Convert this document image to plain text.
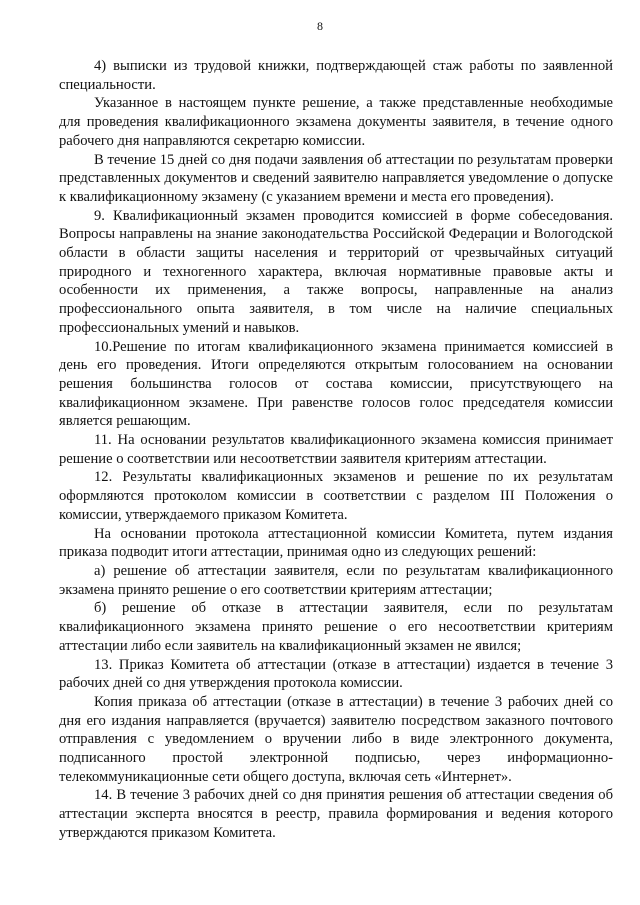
8

4) выписки из трудовой книжки, подтверждающей стаж работы по заявленной специальности.

Указанное в настоящем пункте решение, а также представленные необходимые для проведения квалификационного экзамена документы заявителя, в течение одного рабочего дня направляются секретарю комиссии.

В течение 15 дней со дня подачи заявления об аттестации по результатам проверки представленных документов и сведений заявителю направляется уведомление о допуске к квалификационному экзамену (с указанием времени и места его проведения).

9. Квалификационный экзамен проводится комиссией в форме собеседования. Вопросы направлены на знание законодательства Российской Федерации и Вологодской области в области защиты населения и территорий от чрезвычайных ситуаций природного и техногенного характера, включая нормативные правовые акты и особенности их применения, а также вопросы, направленные на анализ профессионального опыта заявителя, в том числе на наличие специальных профессиональных умений и навыков.

10.Решение по итогам квалификационного экзамена принимается комиссией в день его проведения. Итоги определяются открытым голосованием на основании решения большинства голосов от состава комиссии, присутствующего на квалификационном экзамене. При равенстве голосов голос председателя комиссии является решающим.

11. На основании результатов квалификационного экзамена комиссия принимает решение о соответствии или несоответствии заявителя критериям аттестации.

12. Результаты квалификационных экзаменов и решение по их результатам оформляются протоколом комиссии в соответствии с разделом III Положения о комиссии, утверждаемого приказом Комитета.

На основании протокола аттестационной комиссии Комитета, путем издания приказа подводит итоги аттестации, принимая одно из следующих решений:

а) решение об аттестации заявителя, если по результатам квалификационного экзамена принято решение о его соответствии критериям аттестации;

б) решение об отказе в аттестации заявителя, если по результатам квалификационного экзамена принято решение о его несоответствии критериям аттестации либо если заявитель на квалификационный экзамен не явился;

13. Приказ Комитета об аттестации (отказе в аттестации) издается в течение 3 рабочих дней со дня утверждения протокола комиссии.

Копия приказа об аттестации (отказе в аттестации) в течение 3 рабочих дней со дня его издания направляется (вручается) заявителю посредством заказного почтового отправления с уведомлением о вручении либо в виде электронного документа, подписанного простой электронной подписью, через информационно-телекоммуникационные сети общего доступа, включая сеть «Интернет».

14. В течение 3 рабочих дней со дня принятия решения об аттестации сведения об аттестации эксперта вносятся в реестр, правила формирования и ведения которого утверждаются приказом Комитета.
